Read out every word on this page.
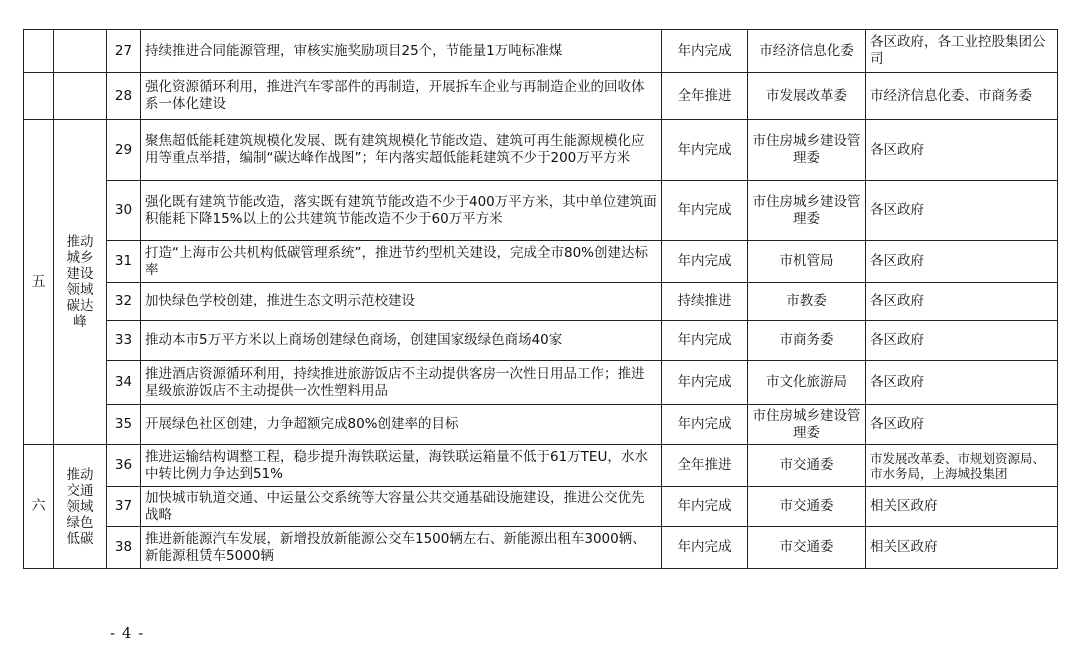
		27	持续推进合同能源管理，审核实施奖励项目25个，节能量1万吨标准煤	年内完成	市经济信息化委	各区政府，各工业控股集团公司
		28	强化资源循环利用，推进汽车零部件的再制造，开展拆车企业与再制造企业的回收体系一体化建设	全年推进	市发展改革委	市经济信息化委、市商务委
五	推动城乡建设领域碳达峰	29	聚焦超低能耗建筑规模化发展、既有建筑规模化节能改造、建筑可再生能源规模化应用等重点举措，编制“碳达峰作战图”；年内落实超低能耗建筑不少于200万平方米	年内完成	市住房城乡建设管理委	各区政府
		30	强化既有建筑节能改造，落实既有建筑节能改造不少于400万平方米，其中单位建筑面积能耗下降15%以上的公共建筑节能改造不少于60万平方米	年内完成	市住房城乡建设管理委	各区政府
		31	打造“上海市公共机构低碳管理系统”，推进节约型机关建设，完成全市80%创建达标率	年内完成	市机管局	各区政府
		32	加快绿色学校创建，推进生态文明示范校建设	持续推进	市教委	各区政府
		33	推动本市5万平方米以上商场创建绿色商场，创建国家级绿色商场40家	年内完成	市商务委	各区政府
		34	推进酒店资源循环利用，持续推进旅游饭店不主动提供客房一次性日用品工作；推进星级旅游饭店不主动提供一次性塑料用品	年内完成	市文化旅游局	各区政府
		35	开展绿色社区创建，力争超额完成80%创建率的目标	年内完成	市住房城乡建设管理委	各区政府
六	推动交通领域绿色低碳	36	推进运输结构调整工程，稳步提升海铁联运量，海铁联运箱量不低于61万TEU，水水中转比例力争达到51%	全年推进	市交通委	市发展改革委、市规划资源局、市水务局，上海城投集团
		37	加快城市轨道交通、中运量公交系统等大容量公共交通基础设施建设，推进公交优先战略	年内完成	市交通委	相关区政府
		38	推进新能源汽车发展，新增投放新能源公交车1500辆左右、新能源出租车3000辆、新能源租赁车5000辆	年内完成	市交通委	相关区政府
- 4 -
